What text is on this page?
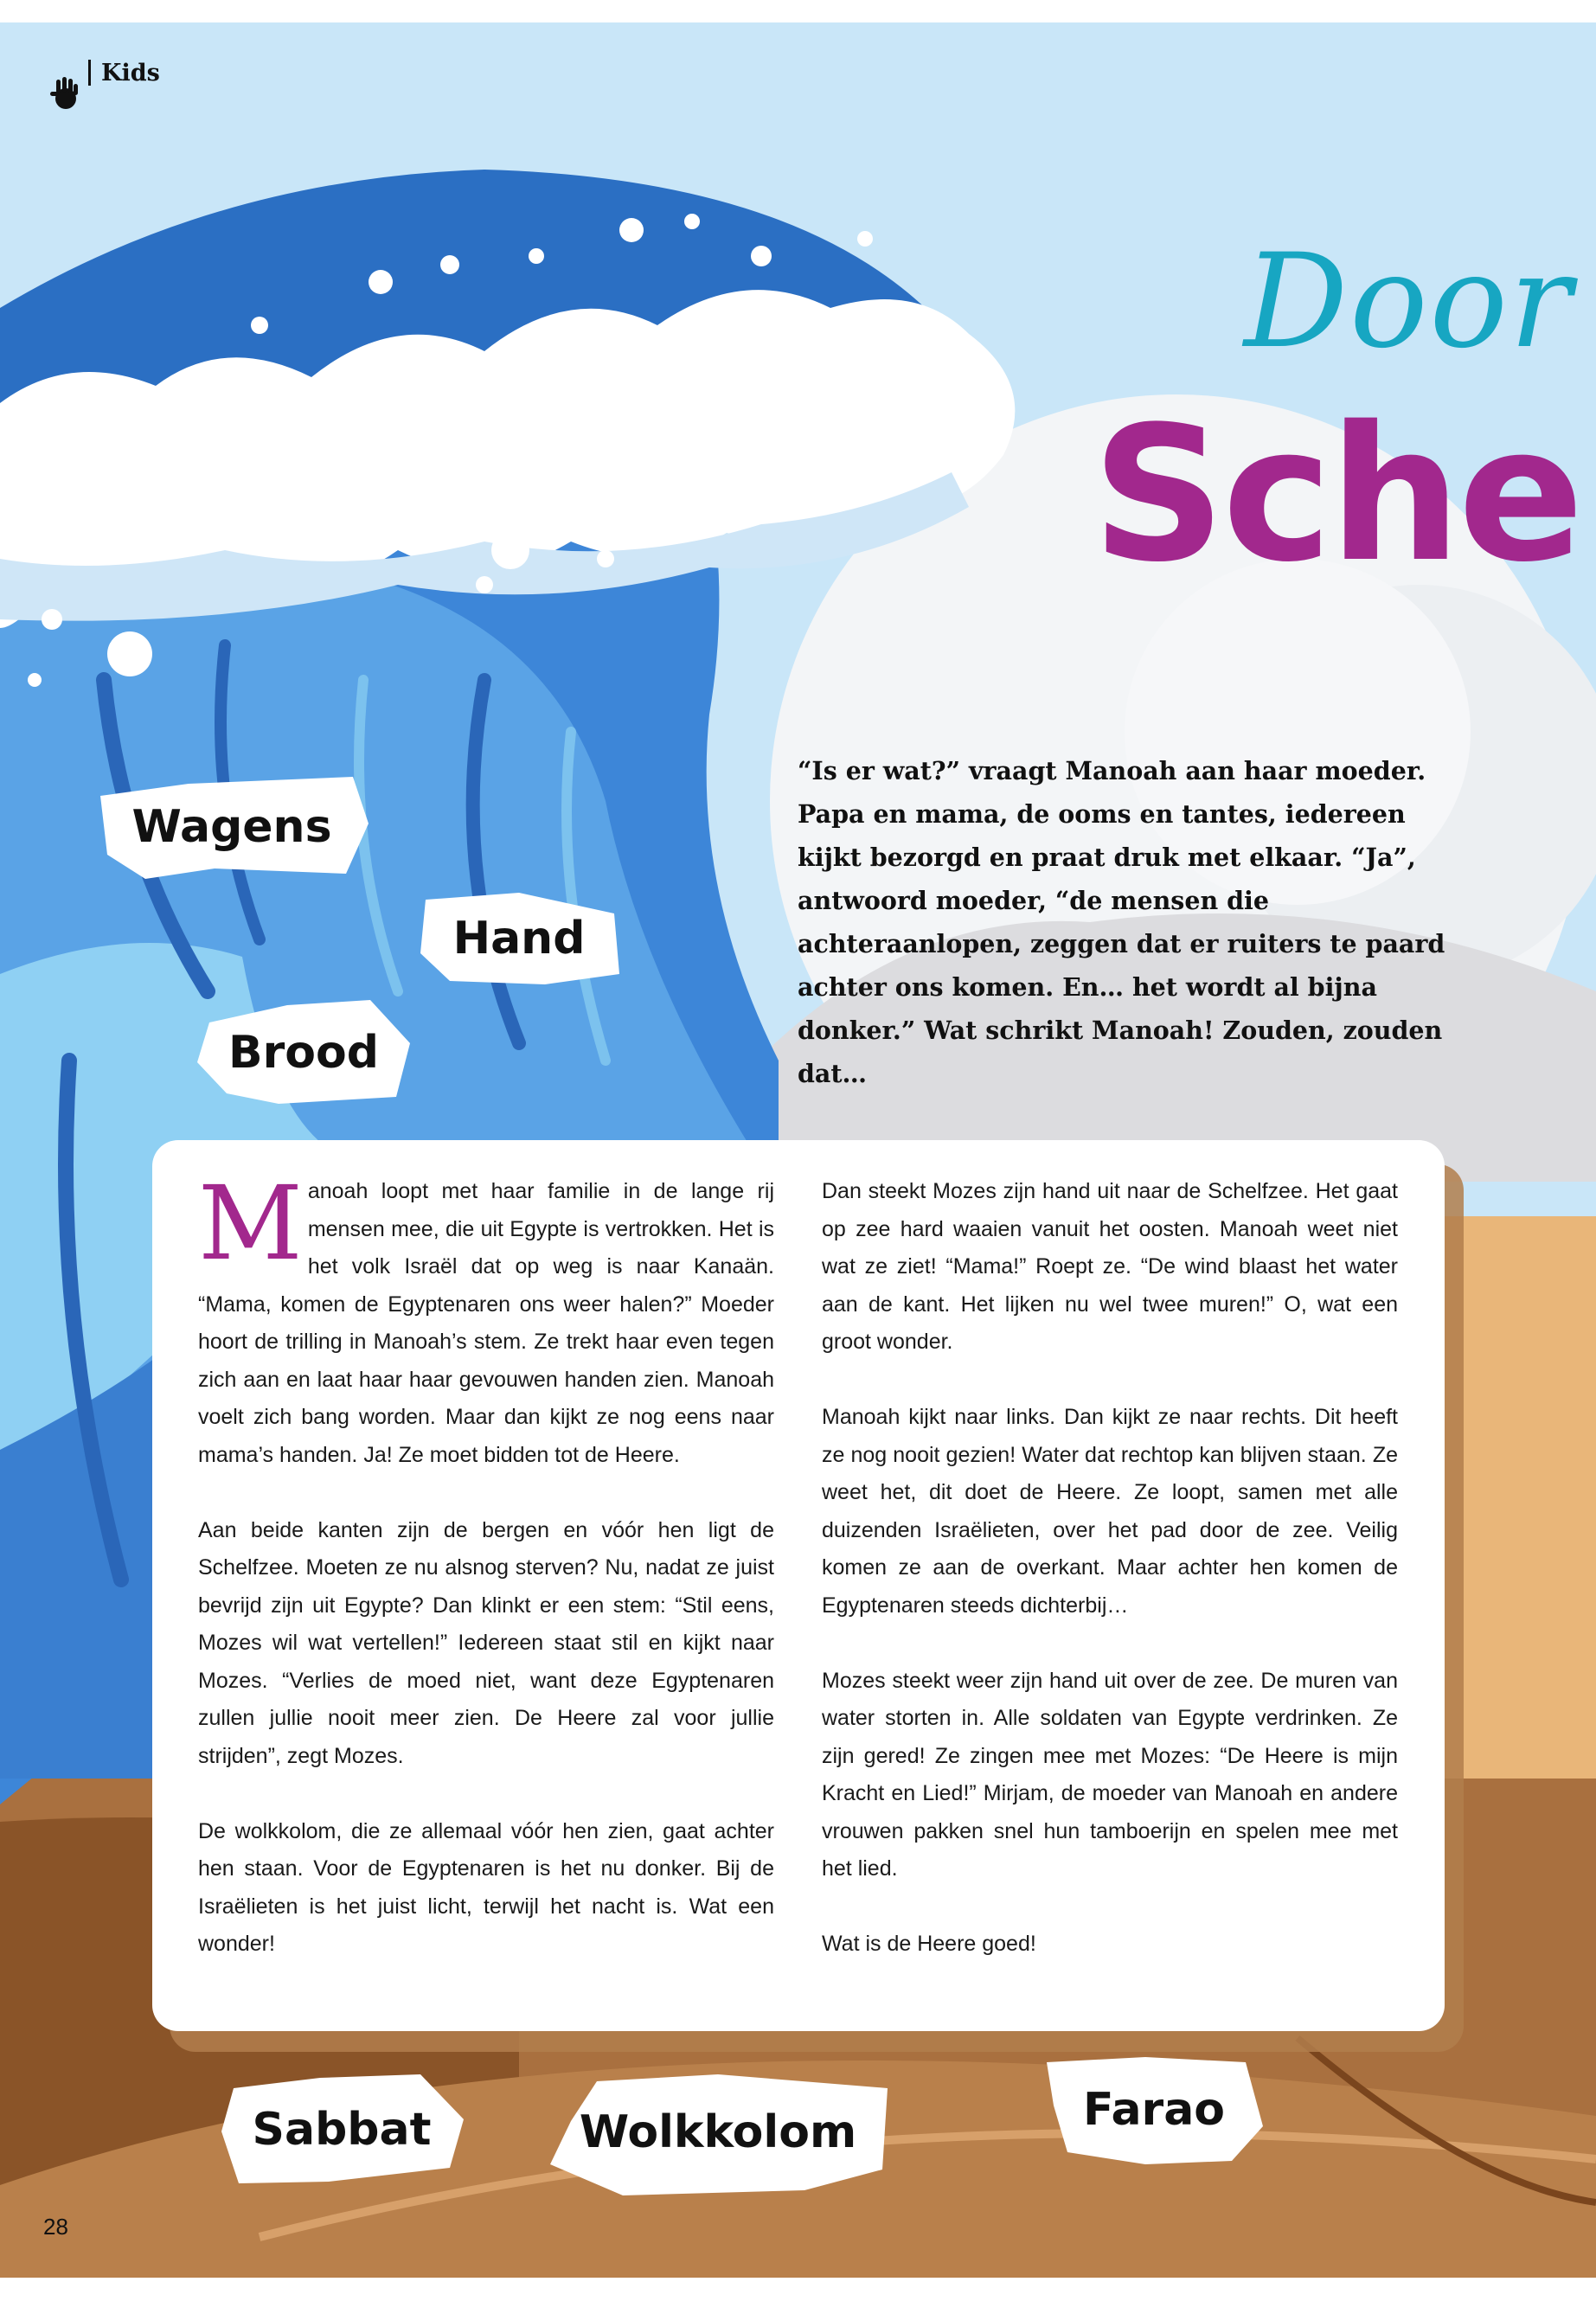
Kids
Door
Sche
“Is er wat?” vraagt Manoah aan haar moeder. Papa en mama, de ooms en tantes, iedereen kijkt bezorgd en praat druk met elkaar. “Ja”, antwoord moeder, “de mensen die achteraanlopen, zeggen dat er ruiters te paard achter ons komen. En… het wordt al bijna donker.” Wat schrikt Manoah! Zouden, zouden dat…
Wagens
Hand
Brood
Sabbat	Wolkkolom	Farao

Manoah loopt met haar familie in de lange rij mensen mee, die uit Egypte is vertrokken. Het is het volk Israël dat op weg is naar Kanaän. “Mama, komen de Egyptenaren ons weer halen?” Moeder hoort de trilling in Manoah’s stem. Ze trekt haar even tegen zich aan en laat haar haar gevouwen handen zien. Manoah voelt zich bang worden. Maar dan kijkt ze nog eens naar mama’s handen. Ja! Ze moet bidden tot de Heere.

Aan beide kanten zijn de bergen en vóór hen ligt de Schelfzee. Moeten ze nu alsnog sterven? Nu, nadat ze juist bevrijd zijn uit Egypte? Dan klinkt er een stem: “Stil eens, Mozes wil wat vertellen!” Iedereen staat stil en kijkt naar Mozes. “Verlies de moed niet, want deze Egyptenaren zullen jullie nooit meer zien. De Heere zal voor jullie strijden”, zegt Mozes.

De wolkkolom, die ze allemaal vóór hen zien, gaat achter hen staan. Voor de Egyptenaren is het nu donker. Bij de Israëlieten is het juist licht, terwijl het nacht is. Wat een wonder!

Dan steekt Mozes zijn hand uit naar de Schelfzee. Het gaat op zee hard waaien vanuit het oosten. Manoah weet niet wat ze ziet! “Mama!” Roept ze. “De wind blaast het water aan de kant. Het lijken nu wel twee muren!” O, wat een groot wonder.

Manoah kijkt naar links. Dan kijkt ze naar rechts. Dit heeft ze nog nooit gezien! Water dat rechtop kan blijven staan. Ze weet het, dit doet de Heere. Ze loopt, samen met alle duizenden Israëlieten, over het pad door de zee. Veilig komen ze aan de overkant. Maar achter hen komen de Egyptenaren steeds dichterbij…

Mozes steekt weer zijn hand uit over de zee. De muren van water storten in. Alle soldaten van Egypte verdrinken. Ze zijn gered! Ze zingen mee met Mozes: “De Heere is mijn Kracht en Lied!” Mirjam, de moeder van Manoah en andere vrouwen pakken snel hun tamboerijn en spelen mee met het lied.

Wat is de Heere goed!

28
